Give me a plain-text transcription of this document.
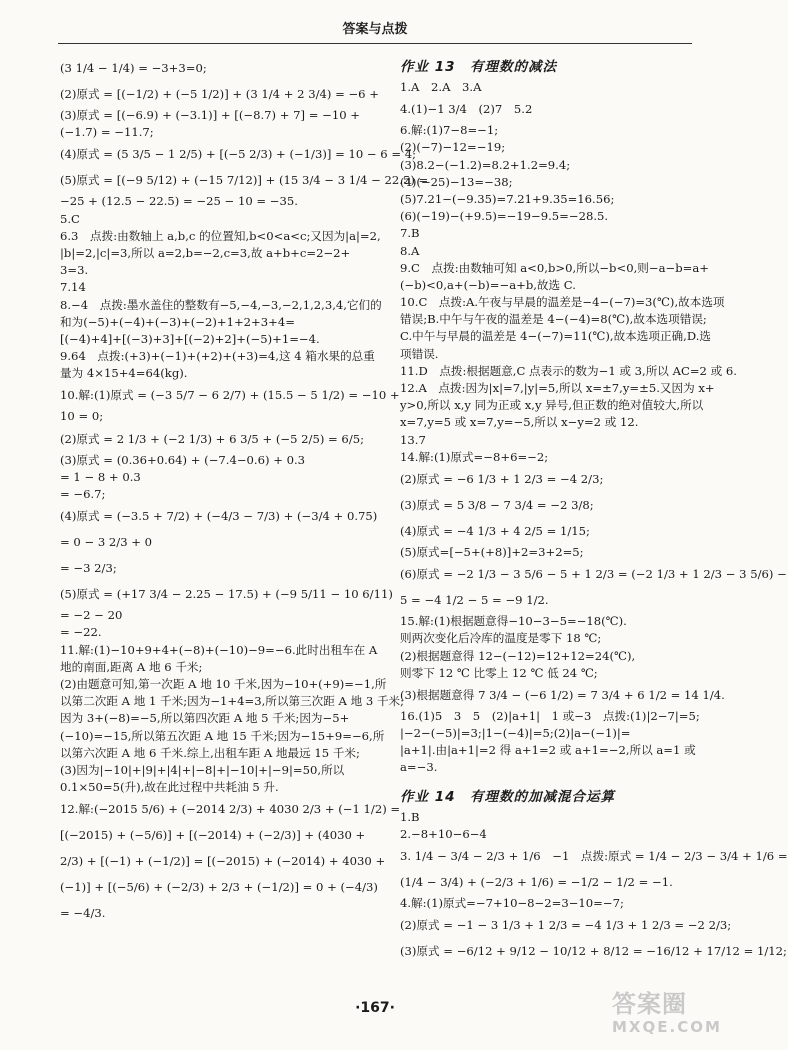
答案与点拨
(3 1/4 − 1/4) = −3+3=0;
(2)原式 = [(−1/2) + (−5 1/2)] + (3 1/4 + 2 3/4) = −6 +
(3)原式 = [(−6.9) + (−3.1)] + [(−8.7) + 7] = −10 +
(−1.7) = −11.7;
(4)原式 = (5 3/5 − 1 2/5) + [(−5 2/3) + (−1/3)] = 10 − 6 = 4;
(5)原式 = [(−9 5/12) + (−15 7/12)] + (15 3/4 − 3 1/4 − 22.5) =
−25 + (12.5 − 22.5) = −25 − 10 = −35.
5.C
6.3　点拨:由数轴上 a,b,c 的位置知,b<0<a<c;又因为|a|=2,
|b|=2,|c|=3,所以 a=2,b=−2,c=3,故 a+b+c=2−2+
3=3.
7.14
8.−4　点拨:墨水盖住的整数有−5,−4,−3,−2,1,2,3,4,它们的
和为(−5)+(−4)+(−3)+(−2)+1+2+3+4=
[(−4)+4]+[(−3)+3]+[(−2)+2]+(−5)+1=−4.
9.64　点拨:(+3)+(−1)+(+2)+(+3)=4,这 4 箱水果的总重
量为 4×15+4=64(kg).
10.解:(1)原式 = (−3 5/7 − 6 2/7) + (15.5 − 5 1/2) = −10 +
10 = 0;
(2)原式 = 2 1/3 + (−2 1/3) + 6 3/5 + (−5 2/5) = 6/5;
(3)原式 = (0.36+0.64) + (−7.4−0.6) + 0.3
= 1 − 8 + 0.3
= −6.7;
(4)原式 = (−3.5 + 7/2) + (−4/3 − 7/3) + (−3/4 + 0.75)
= 0 − 3 2/3 + 0
= −3 2/3;
(5)原式 = (+17 3/4 − 2.25 − 17.5) + (−9 5/11 − 10 6/11)
= −2 − 20
= −22.
11.解:(1)−10+9+4+(−8)+(−10)−9=−6.此时出租车在 A
地的南面,距离 A 地 6 千米;
(2)由题意可知,第一次距 A 地 10 千米,因为−10+(+9)=−1,所
以第二次距 A 地 1 千米;因为−1+4=3,所以第三次距 A 地 3 千米;
因为 3+(−8)=−5,所以第四次距 A 地 5 千米;因为−5+
(−10)=−15,所以第五次距 A 地 15 千米;因为−15+9=−6,所
以第六次距 A 地 6 千米.综上,出租车距 A 地最远 15 千米;
(3)因为|−10|+|9|+|4|+|−8|+|−10|+|−9|=50,所以
0.1×50=5(升),故在此过程中共耗油 5 升.
12.解:(−2015 5/6) + (−2014 2/3) + 4030 2/3 + (−1 1/2) =
[(−2015) + (−5/6)] + [(−2014) + (−2/3)] + (4030 +
2/3) + [(−1) + (−1/2)] = [(−2015) + (−2014) + 4030 +
(−1)] + [(−5/6) + (−2/3) + 2/3 + (−1/2)] = 0 + (−4/3)
= −4/3.
作业 13　有理数的减法
1.A　2.A　3.A
4.(1)−1 3/4　(2)7　5.2
6.解:(1)7−8=−1;
(2)(−7)−12=−19;
(3)8.2−(−1.2)=8.2+1.2=9.4;
(4)(−25)−13=−38;
(5)7.21−(−9.35)=7.21+9.35=16.56;
(6)(−19)−(+9.5)=−19−9.5=−28.5.
7.B
8.A
9.C　点拨:由数轴可知 a<0,b>0,所以−b<0,则−a−b=a+
(−b)<0,a+(−b)=−a+b,故选 C.
10.C　点拨:A.午夜与早晨的温差是−4−(−7)=3(℃),故本选项
错误;B.中午与午夜的温差是 4−(−4)=8(℃),故本选项错误;
C.中午与早晨的温差是 4−(−7)=11(℃),故本选项正确,D.选
项错误.
11.D　点拨:根据题意,C 点表示的数为−1 或 3,所以 AC=2 或 6.
12.A　点拨:因为|x|=7,|y|=5,所以 x=±7,y=±5.又因为 x+
y>0,所以 x,y 同为正或 x,y 异号,但正数的绝对值较大,所以
x=7,y=5 或 x=7,y=−5,所以 x−y=2 或 12.
13.7
14.解:(1)原式=−8+6=−2;
(2)原式 = −6 1/3 + 1 2/3 = −4 2/3;
(3)原式 = 5 3/8 − 7 3/4 = −2 3/8;
(4)原式 = −4 1/3 + 4 2/5 = 1/15;
(5)原式=[−5+(+8)]+2=3+2=5;
(6)原式 = −2 1/3 − 3 5/6 − 5 + 1 2/3 = (−2 1/3 + 1 2/3 − 3 5/6) −
5 = −4 1/2 − 5 = −9 1/2.
15.解:(1)根据题意得−10−3−5=−18(℃).
则两次变化后冷库的温度是零下 18 ℃;
(2)根据题意得 12−(−12)=12+12=24(℃),
则零下 12 ℃ 比零上 12 ℃ 低 24 ℃;
(3)根据题意得 7 3/4 − (−6 1/2) = 7 3/4 + 6 1/2 = 14 1/4.
16.(1)5　3　5　(2)|a+1|　1 或−3　点拨:(1)|2−7|=5;
|−2−(−5)|=3;|1−(−4)|=5;(2)|a−(−1)|=
|a+1|.由|a+1|=2 得 a+1=2 或 a+1=−2,所以 a=1 或
a=−3.
作业 14　有理数的加减混合运算
1.B
2.−8+10−6−4
3. 1/4 − 3/4 − 2/3 + 1/6　−1　点拨:原式 = 1/4 − 2/3 − 3/4 + 1/6 =
(1/4 − 3/4) + (−2/3 + 1/6) = −1/2 − 1/2 = −1.
4.解:(1)原式=−7+10−8−2=3−10=−7;
(2)原式 = −1 − 3 1/3 + 1 2/3 = −4 1/3 + 1 2/3 = −2 2/3;
(3)原式 = −6/12 + 9/12 − 10/12 + 8/12 = −16/12 + 17/12 = 1/12;
·167·	答案圈
MXQE.COM
